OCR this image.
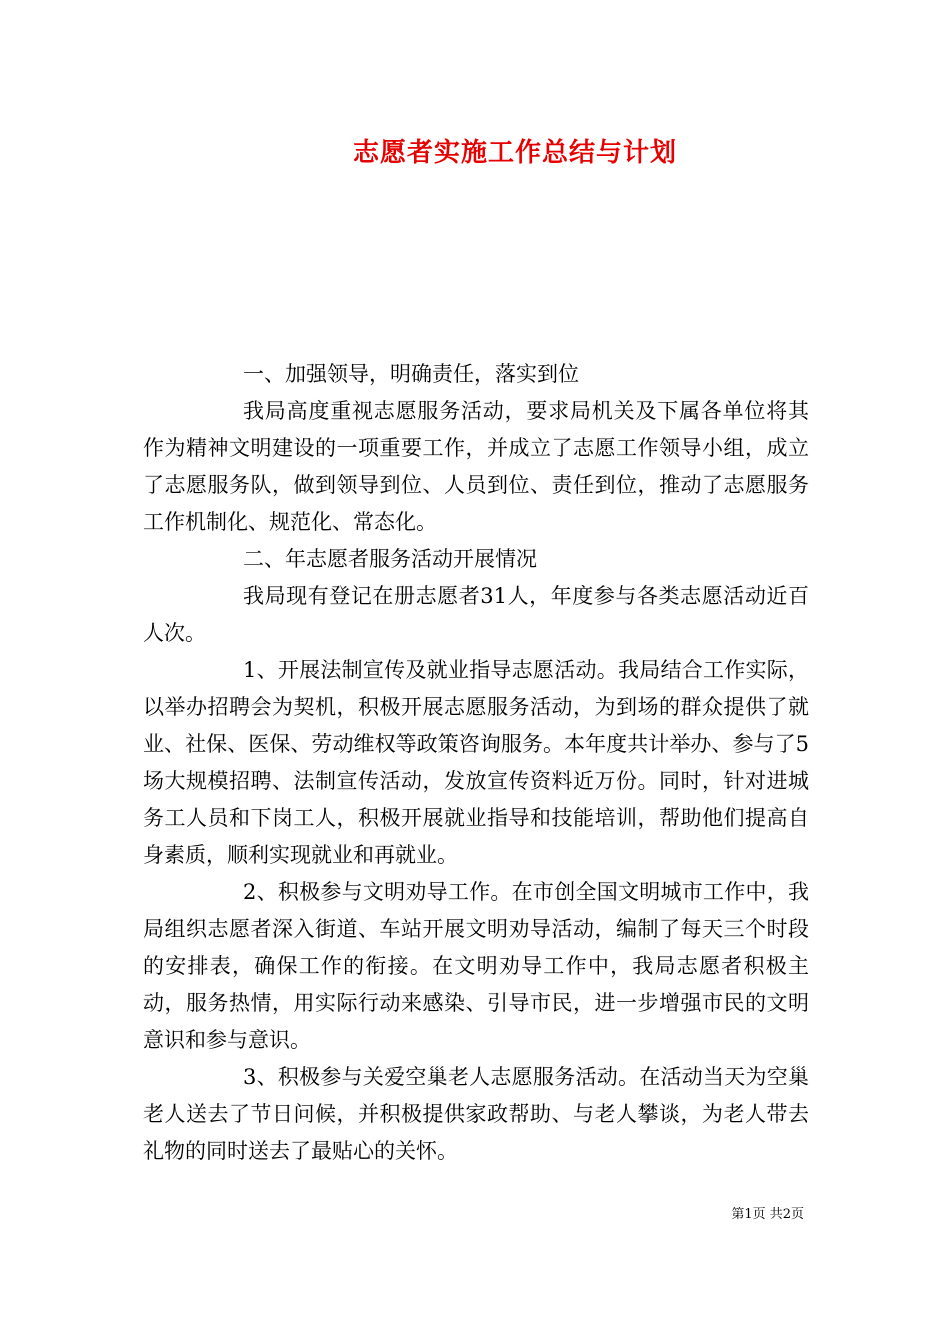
志愿者实施工作总结与计划

一、加强领导，明确责任，落实到位

我局高度重视志愿服务活动，要求局机关及下属各单位将其作为精神文明建设的一项重要工作，并成立了志愿工作领导小组，成立了志愿服务队，做到领导到位、人员到位、责任到位，推动了志愿服务工作机制化、规范化、常态化。

二、年志愿者服务活动开展情况

我局现有登记在册志愿者31人，年度参与各类志愿活动近百人次。

1、开展法制宣传及就业指导志愿活动。我局结合工作实际，以举办招聘会为契机，积极开展志愿服务活动，为到场的群众提供了就业、社保、医保、劳动维权等政策咨询服务。本年度共计举办、参与了5场大规模招聘、法制宣传活动，发放宣传资料近万份。同时，针对进城务工人员和下岗工人，积极开展就业指导和技能培训，帮助他们提高自身素质，顺利实现就业和再就业。

2、积极参与文明劝导工作。在市创全国文明城市工作中，我局组织志愿者深入街道、车站开展文明劝导活动，编制了每天三个时段的安排表，确保工作的衔接。在文明劝导工作中，我局志愿者积极主动，服务热情，用实际行动来感染、引导市民，进一步增强市民的文明意识和参与意识。

3、积极参与关爱空巢老人志愿服务活动。在活动当天为空巢老人送去了节日问候，并积极提供家政帮助、与老人攀谈，为老人带去礼物的同时送去了最贴心的关怀。

第1页 共2页
